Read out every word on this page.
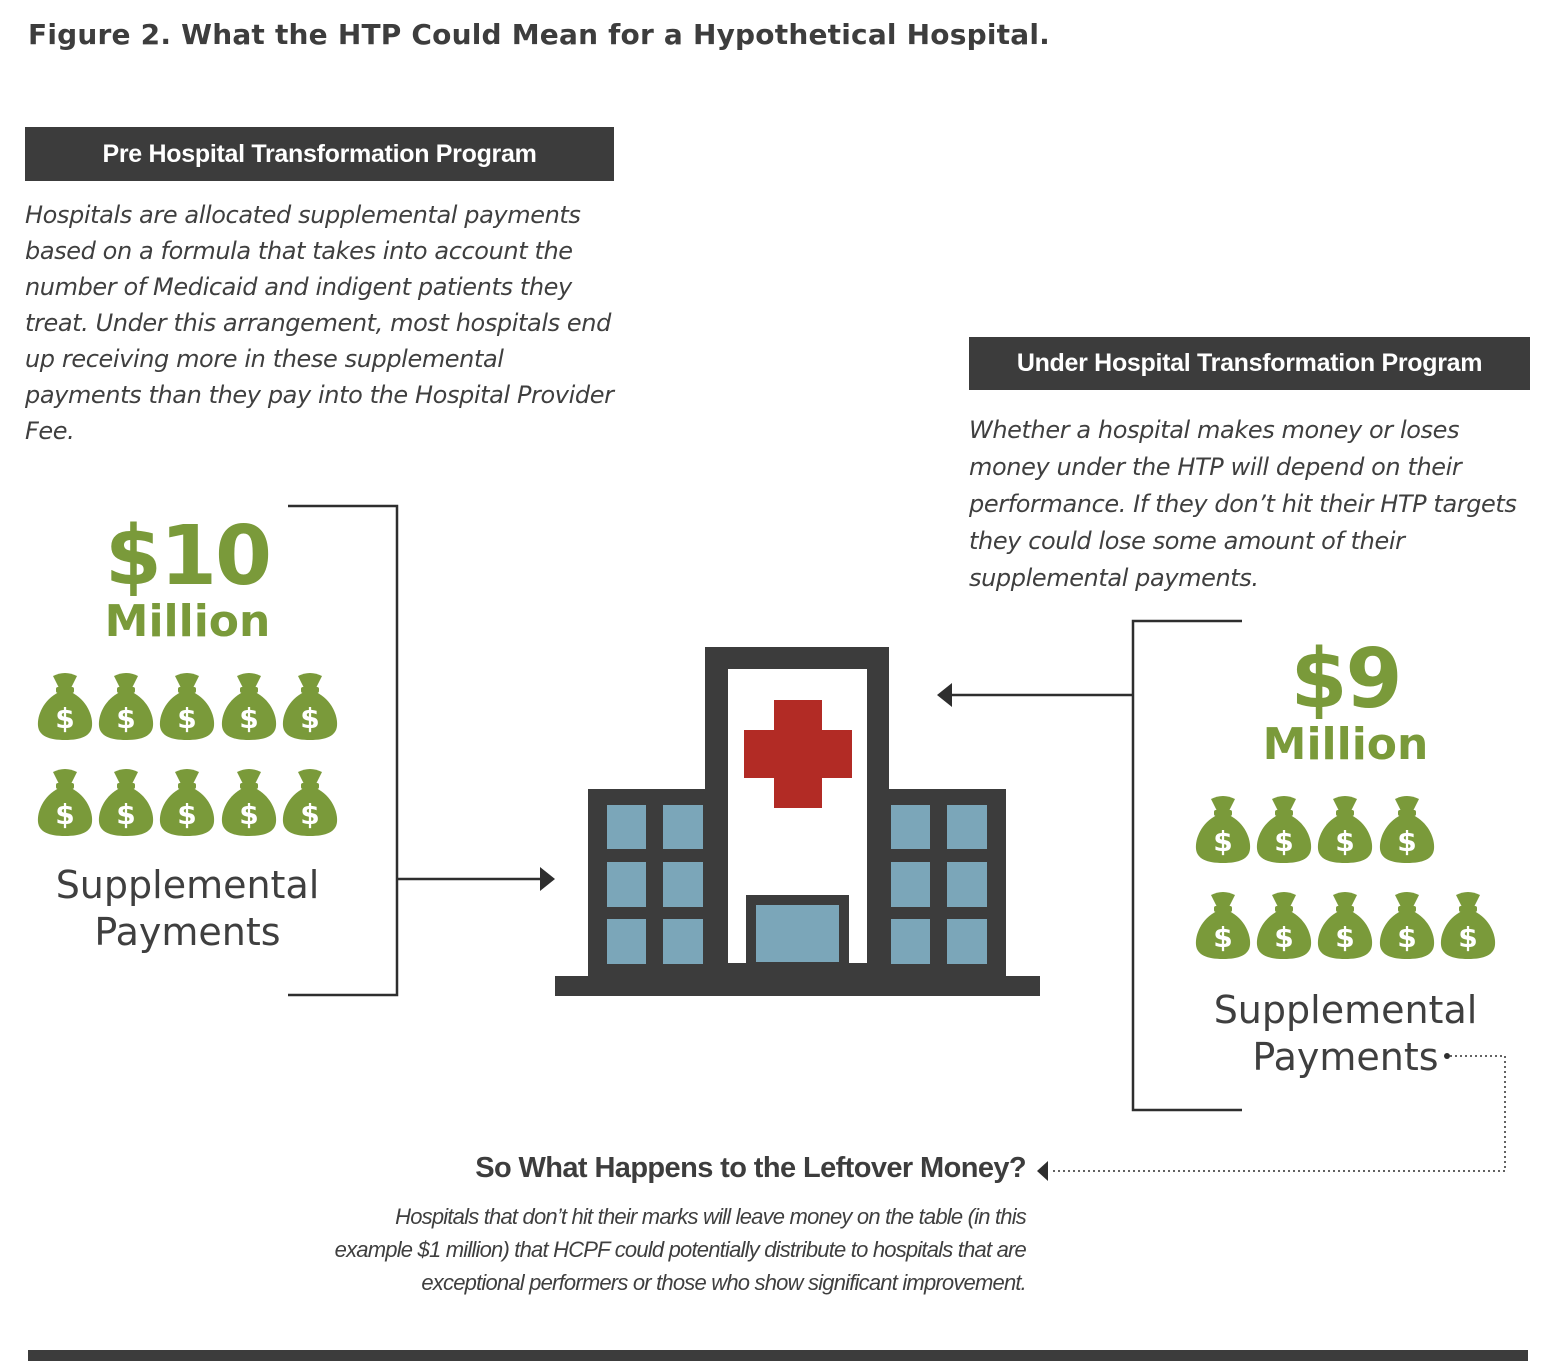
Figure 2. What the HTP Could Mean for a Hypothetical Hospital.
Pre Hospital Transformation Program
Hospitals are allocated supplemental payments based on a formula that takes into account the number of Medicaid and indigent patients they treat. Under this arrangement, most hospitals end up receiving more in these supplemental payments than they pay into the Hospital Provider Fee.
Under Hospital Transformation Program
Whether a hospital makes money or loses money under the HTP will depend on their performance. If they don’t hit their HTP targets they could lose some amount of their supplemental payments.
$10
Million
$ $ $ $ $
$ $ $ $ $
Supplemental
Payments
$9
Million
$ $ $ $
$ $ $ $ $
Supplemental
Payments
So What Happens to the Leftover Money?
Hospitals that don’t hit their marks will leave money on the table (in this example $1 million) that HCPF could potentially distribute to hospitals that are exceptional performers or those who show significant improvement.
